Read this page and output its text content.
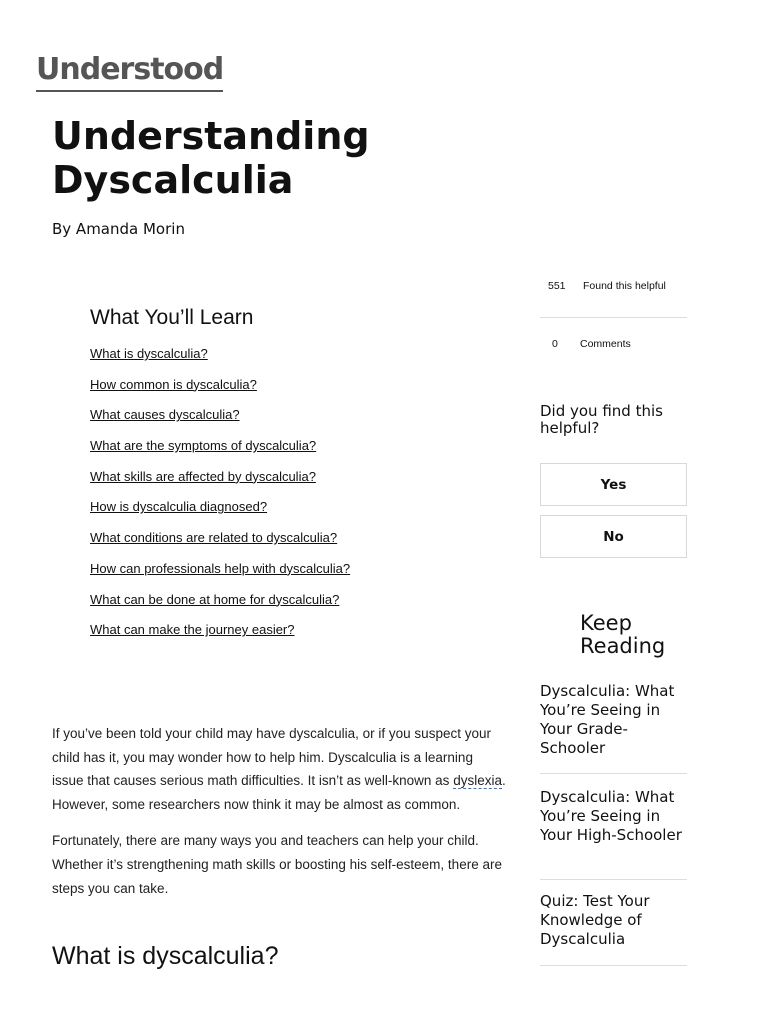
Understood
Understanding Dyscalculia
By Amanda Morin
What You’ll Learn
What is dyscalculia?
How common is dyscalculia?
What causes dyscalculia?
What are the symptoms of dyscalculia?
What skills are affected by dyscalculia?
How is dyscalculia diagnosed?
What conditions are related to dyscalculia?
How can professionals help with dyscalculia?
What can be done at home for dyscalculia?
What can make the journey easier?

If you’ve been told your child may have dyscalculia, or if you suspect your child has it, you may wonder how to help him. Dyscalculia is a learning issue that causes serious math difficulties. It isn’t as well-known as dyslexia. However, some researchers now think it may be almost as common.

Fortunately, there are many ways you and teachers can help your child. Whether it’s strengthening math skills or boosting his self-esteem, there are steps you can take.

What is dyscalculia?
551 Found this helpful
0 Comments
Did you find this helpful?
Yes
No
Keep Reading
Dyscalculia: What You’re Seeing in Your Grade-Schooler
Dyscalculia: What You’re Seeing in Your High-Schooler
Quiz: Test Your Knowledge of Dyscalculia
